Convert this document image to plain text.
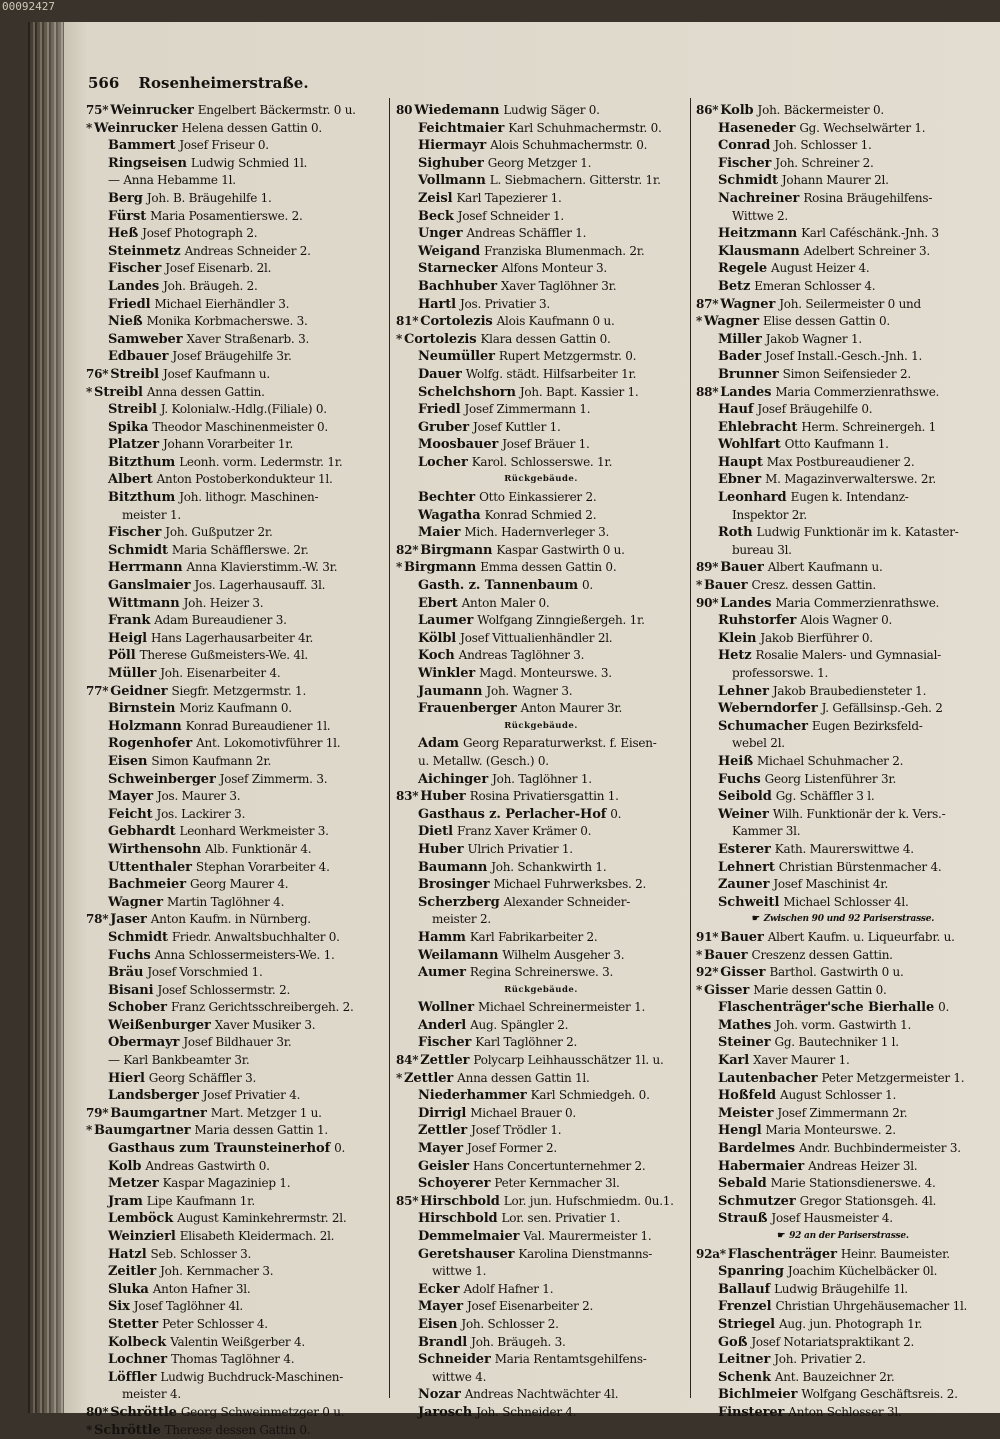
00092427
566 Rosenheimerstraße.
75* Weinrucker Engelbert Bäckermstr. 0 u.
* Weinrucker Helena dessen Gattin 0.
Bammert Josef Friseur 0.
Ringseisen Ludwig Schmied 1l.
— Anna Hebamme 1l.
Berg Joh. B. Bräugehilfe 1.
Fürst Maria Posamentierswe. 2.
Heß Josef Photograph 2.
Steinmetz Andreas Schneider 2.
Fischer Josef Eisenarb. 2l.
Landes Joh. Bräugeh. 2.
Friedl Michael Eierhändler 3.
Nieß Monika Korbmacherswe. 3.
Samweber Xaver Straßenarb. 3.
Edbauer Josef Bräugehilfe 3r.
76* Streibl Josef Kaufmann u.
* Streibl Anna dessen Gattin.
Streibl J. Kolonialw.-Hdlg.(Filiale) 0.
Spika Theodor Maschinenmeister 0.
Platzer Johann Vorarbeiter 1r.
Bitzthum Leonh. vorm. Ledermstr. 1r.
Albert Anton Postoberkondukteur 1l.
Bitzthum Joh. lithogr. Maschinen-
meister 1.
Fischer Joh. Gußputzer 2r.
Schmidt Maria Schäfflerswe. 2r.
Herrmann Anna Klavierstimm.-W. 3r.
Ganslmaier Jos. Lagerhausauff. 3l.
Wittmann Joh. Heizer 3.
Frank Adam Bureaudiener 3.
Heigl Hans Lagerhausarbeiter 4r.
Pöll Therese Gußmeisters-We. 4l.
Müller Joh. Eisenarbeiter 4.
77* Geidner Siegfr. Metzgermstr. 1.
Birnstein Moriz Kaufmann 0.
Holzmann Konrad Bureaudiener 1l.
Rogenhofer Ant. Lokomotivführer 1l.
Eisen Simon Kaufmann 2r.
Schweinberger Josef Zimmerm. 3.
Mayer Jos. Maurer 3.
Feicht Jos. Lackirer 3.
Gebhardt Leonhard Werkmeister 3.
Wirthensohn Alb. Funktionär 4.
Uttenthaler Stephan Vorarbeiter 4.
Bachmeier Georg Maurer 4.
Wagner Martin Taglöhner 4.
78* Jaser Anton Kaufm. in Nürnberg.
Schmidt Friedr. Anwaltsbuchhalter 0.
Fuchs Anna Schlossermeisters-We. 1.
Bräu Josef Vorschmied 1.
Bisani Josef Schlossermstr. 2.
Schober Franz Gerichtsschreibergeh. 2.
Weißenburger Xaver Musiker 3.
Obermayr Josef Bildhauer 3r.
— Karl Bankbeamter 3r.
Hierl Georg Schäffler 3.
Landsberger Josef Privatier 4.
79* Baumgartner Mart. Metzger 1 u.
* Baumgartner Maria dessen Gattin 1.
Gasthaus zum Traunsteinerhof 0.
Kolb Andreas Gastwirth 0.
Metzer Kaspar Magaziniер 1.
Jram Lipe Kaufmann 1r.
Lemböck August Kaminkehrermstr. 2l.
Weinzierl Elisabeth Kleidermach. 2l.
Hatzl Seb. Schlosser 3.
Zeitler Joh. Kernmacher 3.
Sluka Anton Hafner 3l.
Six Josef Taglöhner 4l.
Stetter Peter Schlosser 4.
Kolbeck Valentin Weißgerber 4.
Lochner Thomas Taglöhner 4.
Löffler Ludwig Buchdruck-Maschinen-
meister 4.
80* Schröttle Georg Schweinmetzger 0 u.
* Schröttle Therese dessen Gattin 0.
80 Wiedemann Ludwig Säger 0.
Feichtmaier Karl Schuhmachermstr. 0.
Hiermayr Alois Schuhmachermstr. 0.
Sighuber Georg Metzger 1.
Vollmann L. Siebmachern. Gitterstr. 1r.
Zeisl Karl Tapezierer 1.
Beck Josef Schneider 1.
Unger Andreas Schäffler 1.
Weigand Franziska Blumenmach. 2r.
Starnecker Alfons Monteur 3.
Bachhuber Xaver Taglöhner 3r.
Hartl Jos. Privatier 3.
81* Cortolezis Alois Kaufmann 0 u.
* Cortolezis Klara dessen Gattin 0.
Neumüller Rupert Metzgermstr. 0.
Dauer Wolfg. städt. Hilfsarbeiter 1r.
Schelchshorn Joh. Bapt. Kassier 1.
Friedl Josef Zimmermann 1.
Gruber Josef Kuttler 1.
Moosbauer Josef Bräuer 1.
Locher Karol. Schlosserswe. 1r.
Rückgebäude.
Bechter Otto Einkassierer 2.
Wagatha Konrad Schmied 2.
Maier Mich. Hadernverleger 3.
82* Birgmann Kaspar Gastwirth 0 u.
* Birgmann Emma dessen Gattin 0.
Gasth. z. Tannenbaum 0.
Ebert Anton Maler 0.
Laumer Wolfgang Zinngießergeh. 1r.
Kölbl Josef Vittualienhändler 2l.
Koch Andreas Taglöhner 3.
Winkler Magd. Monteurswe. 3.
Jaumann Joh. Wagner 3.
Frauenberger Anton Maurer 3r.
Rückgebäude.
Adam Georg Reparaturwerkst. f. Eisen-
u. Metallw. (Gesch.) 0.
Aichinger Joh. Taglöhner 1.
83* Huber Rosina Privatiersgattin 1.
Gasthaus z. Perlacher-Hof 0.
Dietl Franz Xaver Krämer 0.
Huber Ulrich Privatier 1.
Baumann Joh. Schankwirth 1.
Brosinger Michael Fuhrwerksbes. 2.
Scherzberg Alexander Schneider-
meister 2.
Hamm Karl Fabrikarbeiter 2.
Weilamann Wilhelm Ausgeher 3.
Aumer Regina Schreinerswe. 3.
Rückgebäude.
Wollner Michael Schreinermeister 1.
Anderl Aug. Spängler 2.
Fischer Karl Taglöhner 2.
84* Zettler Polycarp Leihhausschätzer 1l. u.
* Zettler Anna dessen Gattin 1l.
Niederhammer Karl Schmiedgeh. 0.
Dirrigl Michael Brauer 0.
Zettler Josef Trödler 1.
Mayer Josef Former 2.
Geisler Hans Concertunternehmer 2.
Schoyerer Peter Kernmacher 3l.
85* Hirschbold Lor. jun. Hufschmiedm. 0u.1.
Hirschbold Lor. sen. Privatier 1.
Demmelmaier Val. Maurermeister 1.
Geretshauser Karolina Dienstmanns-
wittwe 1.
Ecker Adolf Hafner 1.
Mayer Josef Eisenarbeiter 2.
Eisen Joh. Schlosser 2.
Brandl Joh. Bräugeh. 3.
Schneider Maria Rentamtsgehilfens-
wittwe 4.
Nozar Andreas Nachtwächter 4l.
Jarosch Joh. Schneider 4.
86* Kolb Joh. Bäckermeister 0.
Haseneder Gg. Wechselwärter 1.
Conrad Joh. Schlosser 1.
Fischer Joh. Schreiner 2.
Schmidt Johann Maurer 2l.
Nachreiner Rosina Bräugehilfens-
Wittwe 2.
Heitzmann Karl Caféschänk.-Jnh. 3
Klausmann Adelbert Schreiner 3.
Regele August Heizer 4.
Betz Emeran Schlosser 4.
87* Wagner Joh. Seilermeister 0 und
* Wagner Elise dessen Gattin 0.
Miller Jakob Wagner 1.
Bader Josef Install.-Gesch.-Jnh. 1.
Brunner Simon Seifensieder 2.
88* Landes Maria Commerzienrathswe.
Hauf Josef Bräugehilfe 0.
Ehlebracht Herm. Schreinergeh. 1
Wohlfart Otto Kaufmann 1.
Haupt Max Postbureaudiener 2.
Ebner M. Magazinverwalterswe. 2r.
Leonhard Eugen k. Intendanz-
Inspektor 2r.
Roth Ludwig Funktionär im k. Kataster-
bureau 3l.
89* Bauer Albert Kaufmann u.
* Bauer Cresz. dessen Gattin.
90* Landes Maria Commerzienrathswe.
Ruhstorfer Alois Wagner 0.
Klein Jakob Bierführer 0.
Hetz Rosalie Malers- und Gymnasial-
professorswe. 1.
Lehner Jakob Braubediensteter 1.
Weberndorfer J. Gefällsinsp.-Geh. 2
Schumacher Eugen Bezirksfeld-
webel 2l.
Heiß Michael Schuhmacher 2.
Fuchs Georg Listenführer 3r.
Seibold Gg. Schäffler 3 l.
Weiner Wilh. Funktionär der k. Vers.-
Kammer 3l.
Esterer Kath. Maurerswittwe 4.
Lehnert Christian Bürstenmacher 4.
Zauner Josef Maschinist 4r.
Schweitl Michael Schlosser 4l.
☛ Zwischen 90 und 92 Pariserstrasse.
91* Bauer Albert Kaufm. u. Liqueurfabr. u.
* Bauer Creszenz dessen Gattin.
92* Gisser Barthol. Gastwirth 0 u.
* Gisser Marie dessen Gattin 0.
Flaschenträger'sche Bierhalle 0.
Mathes Joh. vorm. Gastwirth 1.
Steiner Gg. Bautechniker 1 l.
Karl Xaver Maurer 1.
Lautenbacher Peter Metzgermeister 1.
Hoßfeld August Schlosser 1.
Meister Josef Zimmermann 2r.
Hengl Maria Monteurswe. 2.
Bardelmes Andr. Buchbindermeister 3.
Habermaier Andreas Heizer 3l.
Sebald Marie Stationsdienerswe. 4.
Schmutzer Gregor Stationsgeh. 4l.
Strauß Josef Hausmeister 4.
☛ 92 an der Pariserstrasse.
92a* Flaschenträger Heinr. Baumeister.
Spanring Joachim Küchelbäcker 0l.
Ballauf Ludwig Bräugehilfe 1l.
Frenzel Christian Uhrgehäusemacher 1l.
Striegel Aug. jun. Photograph 1r.
Goß Josef Notariatspraktikant 2.
Leitner Joh. Privatier 2.
Schenk Ant. Bauzeichner 2r.
Bichlmeier Wolfgang Geschäftsreis. 2.
Finsterer Anton Schlosser 3l.
